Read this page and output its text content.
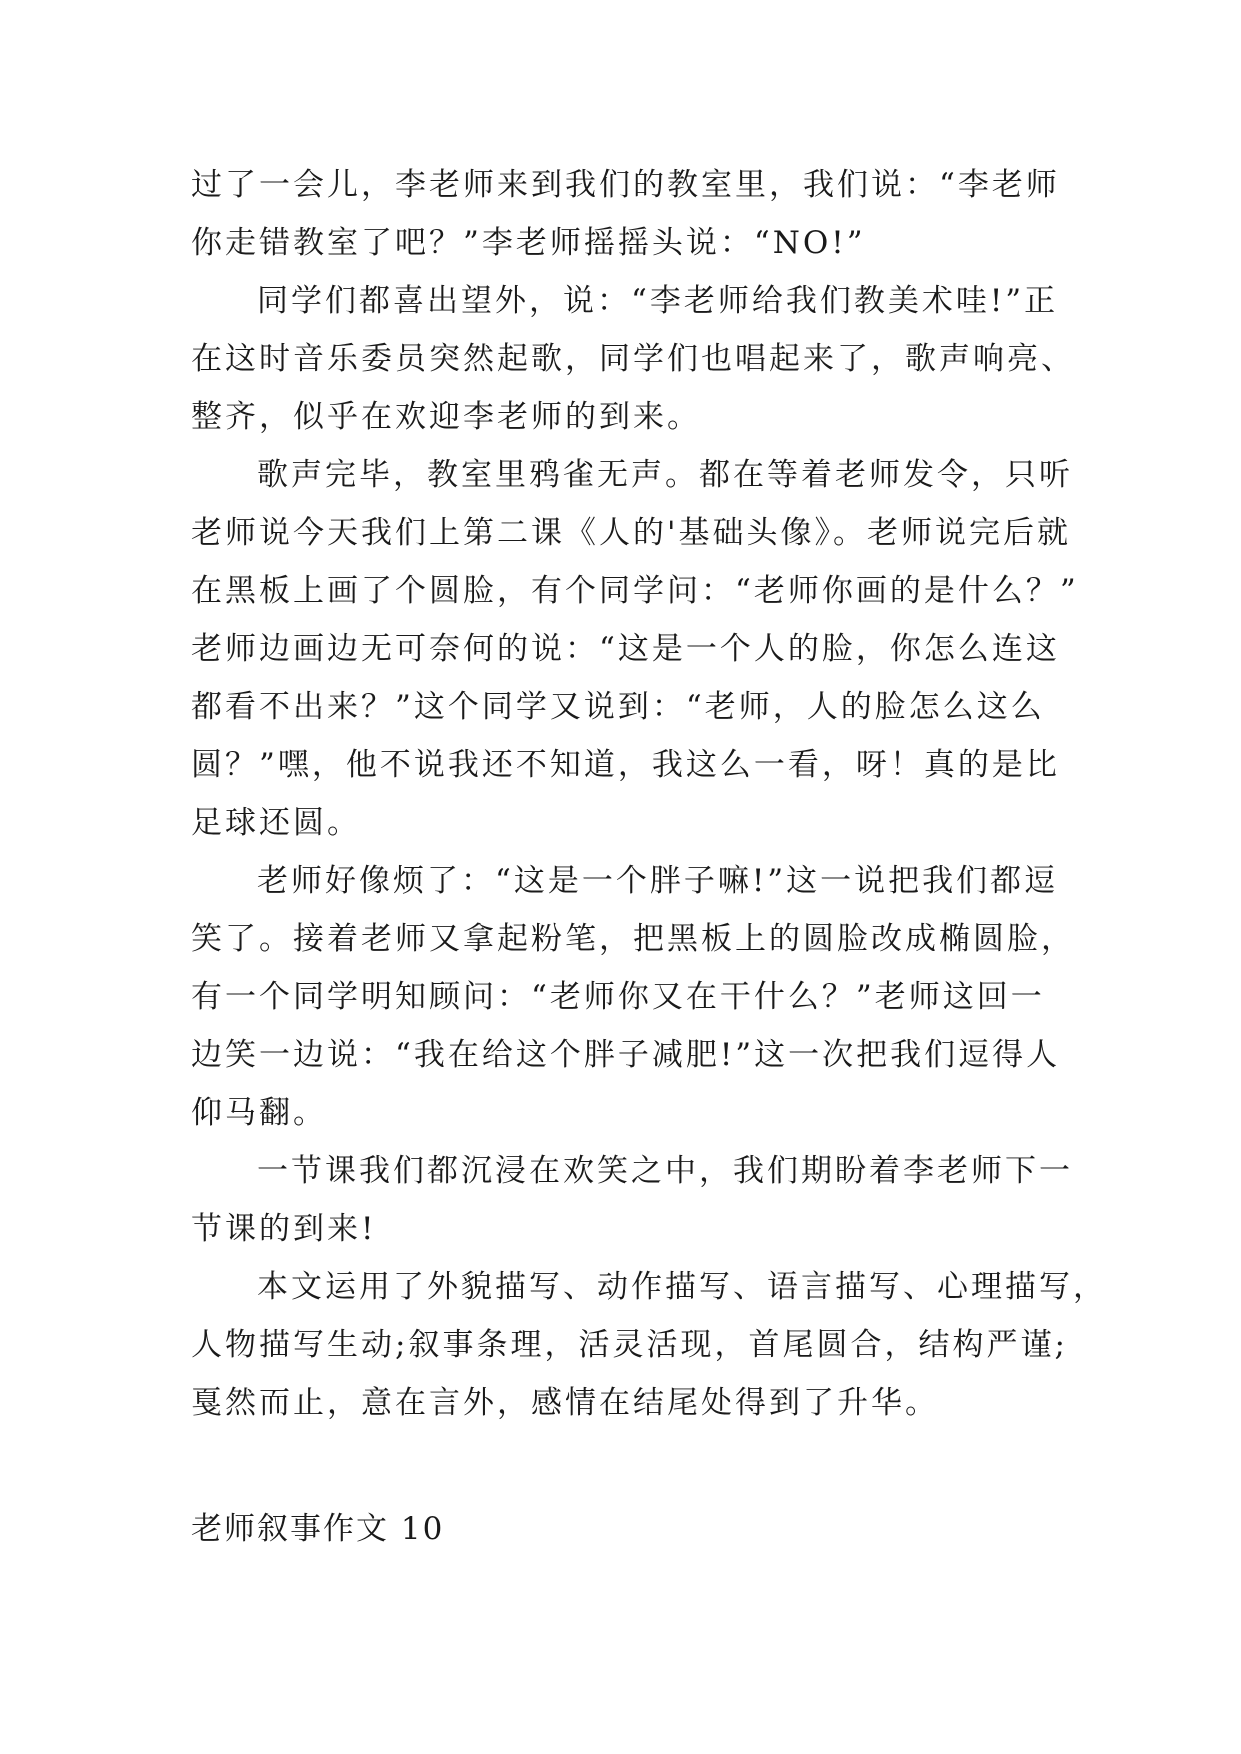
过了一会儿，李老师来到我们的教室里，我们说：“李老师
你走错教室了吧？”李老师摇摇头说：“NO!”
同学们都喜出望外，说：“李老师给我们教美术哇!”正
在这时音乐委员突然起歌，同学们也唱起来了，歌声响亮、
整齐，似乎在欢迎李老师的到来。
歌声完毕，教室里鸦雀无声。都在等着老师发令，只听
老师说今天我们上第二课《人的'基础头像》。老师说完后就
在黑板上画了个圆脸，有个同学问：“老师你画的是什么？”
老师边画边无可奈何的说：“这是一个人的脸，你怎么连这
都看不出来？”这个同学又说到：“老师，人的脸怎么这么
圆？”嘿，他不说我还不知道，我这么一看，呀！真的是比
足球还圆。
老师好像烦了：“这是一个胖子嘛!”这一说把我们都逗
笑了。接着老师又拿起粉笔，把黑板上的圆脸改成椭圆脸，
有一个同学明知顾问：“老师你又在干什么？”老师这回一
边笑一边说：“我在给这个胖子减肥!”这一次把我们逗得人
仰马翻。
一节课我们都沉浸在欢笑之中，我们期盼着李老师下一
节课的到来!
本文运用了外貌描写、动作描写、语言描写、心理描写，
人物描写生动;叙事条理，活灵活现，首尾圆合，结构严谨;
戛然而止，意在言外，感情在结尾处得到了升华。
老师叙事作文 10
